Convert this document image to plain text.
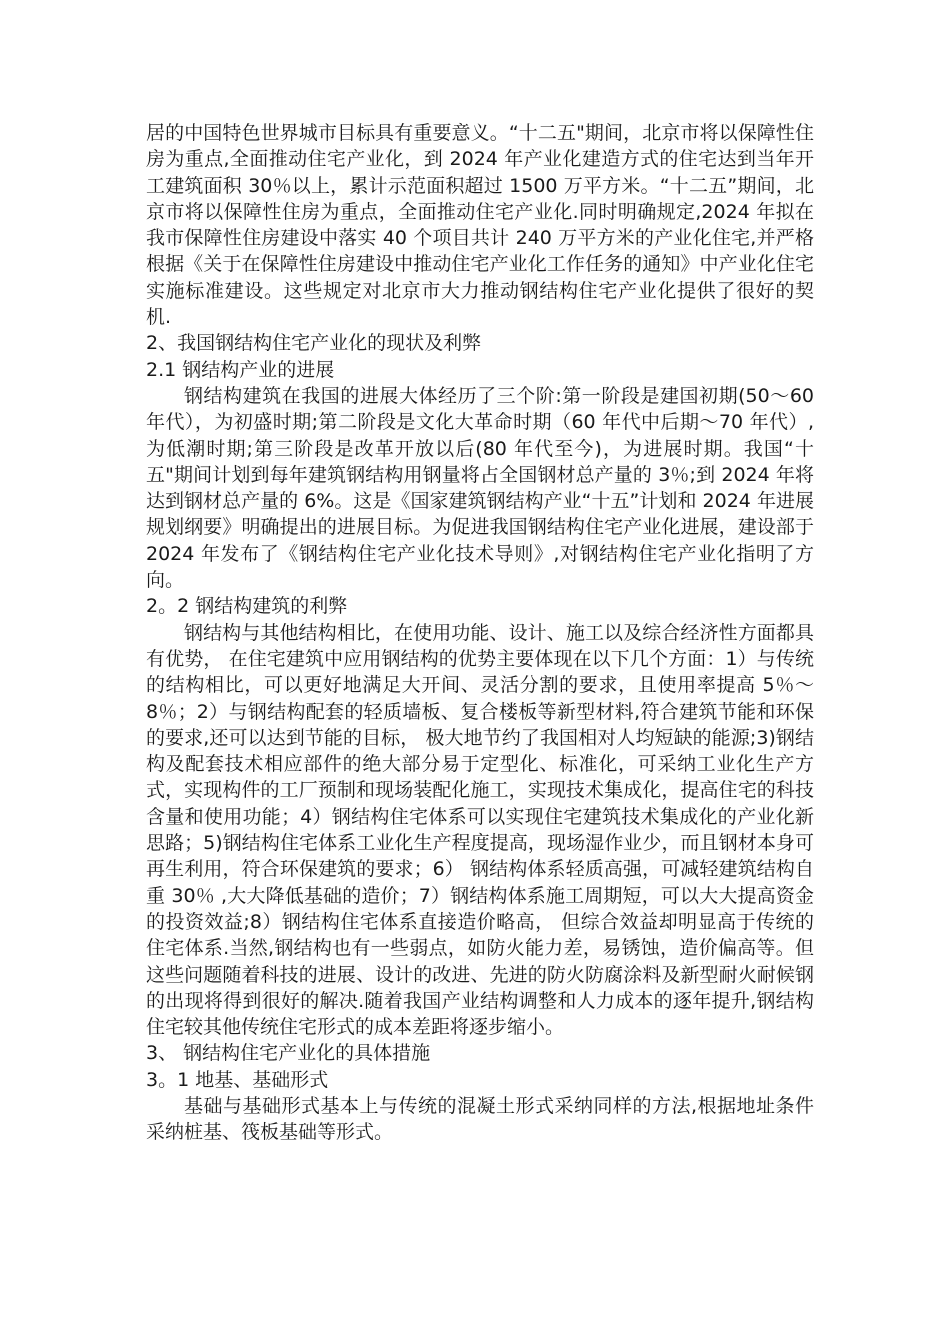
居的中国特色世界城市目标具有重要意义。“十二五"期间，北京市将以保障性住房为重点,全面推动住宅产业化，到 2024 年产业化建造方式的住宅达到当年开工建筑面积 30％以上，累计示范面积超过 1500 万平方米。“十二五”期间，北京市将以保障性住房为重点，全面推动住宅产业化.同时明确规定,2024 年拟在我市保障性住房建设中落实 40 个项目共计 240 万平方米的产业化住宅,并严格根据《关于在保障性住房建设中推动住宅产业化工作任务的通知》中产业化住宅实施标准建设。这些规定对北京市大力推动钢结构住宅产业化提供了很好的契机.

2、我国钢结构住宅产业化的现状及利弊

2.1 钢结构产业的进展

钢结构建筑在我国的进展大体经历了三个阶:第一阶段是建国初期(50～60 年代），为初盛时期;第二阶段是文化大革命时期（60 年代中后期～70 年代）,为低潮时期;第三阶段是改革开放以后(80 年代至今)，为进展时期。我国“十五"期间计划到每年建筑钢结构用钢量将占全国钢材总产量的 3％;到 2024 年将达到钢材总产量的 6%。这是《国家建筑钢结构产业“十五”计划和 2024 年进展规划纲要》明确提出的进展目标。为促进我国钢结构住宅产业化进展，建设部于 2024 年发布了《钢结构住宅产业化技术导则》,对钢结构住宅产业化指明了方向。

2。2 钢结构建筑的利弊

钢结构与其他结构相比，在使用功能、设计、施工以及综合经济性方面都具有优势， 在住宅建筑中应用钢结构的优势主要体现在以下几个方面：1）与传统的结构相比，可以更好地满足大开间、灵活分割的要求，且使用率提高 5％～8％；2）与钢结构配套的轻质墙板、复合楼板等新型材料,符合建筑节能和环保的要求,还可以达到节能的目标， 极大地节约了我国相对人均短缺的能源;3)钢结构及配套技术相应部件的绝大部分易于定型化、标准化，可采纳工业化生产方式，实现构件的工厂预制和现场装配化施工，实现技术集成化，提高住宅的科技含量和使用功能；4）钢结构住宅体系可以实现住宅建筑技术集成化的产业化新思路；5)钢结构住宅体系工业化生产程度提高，现场湿作业少，而且钢材本身可再生利用，符合环保建筑的要求；6） 钢结构体系轻质高强，可减轻建筑结构自重 30％ ,大大降低基础的造价；7）钢结构体系施工周期短，可以大大提高资金的投资效益;8）钢结构住宅体系直接造价略高， 但综合效益却明显高于传统的住宅体系.当然,钢结构也有一些弱点，如防火能力差，易锈蚀，造价偏高等。但这些问题随着科技的进展、设计的改进、先进的防火防腐涂料及新型耐火耐候钢的出现将得到很好的解决.随着我国产业结构调整和人力成本的逐年提升,钢结构住宅较其他传统住宅形式的成本差距将逐步缩小。

3、 钢结构住宅产业化的具体措施

3。1 地基、基础形式

基础与基础形式基本上与传统的混凝土形式采纳同样的方法,根据地址条件采纳桩基、筏板基础等形式。
